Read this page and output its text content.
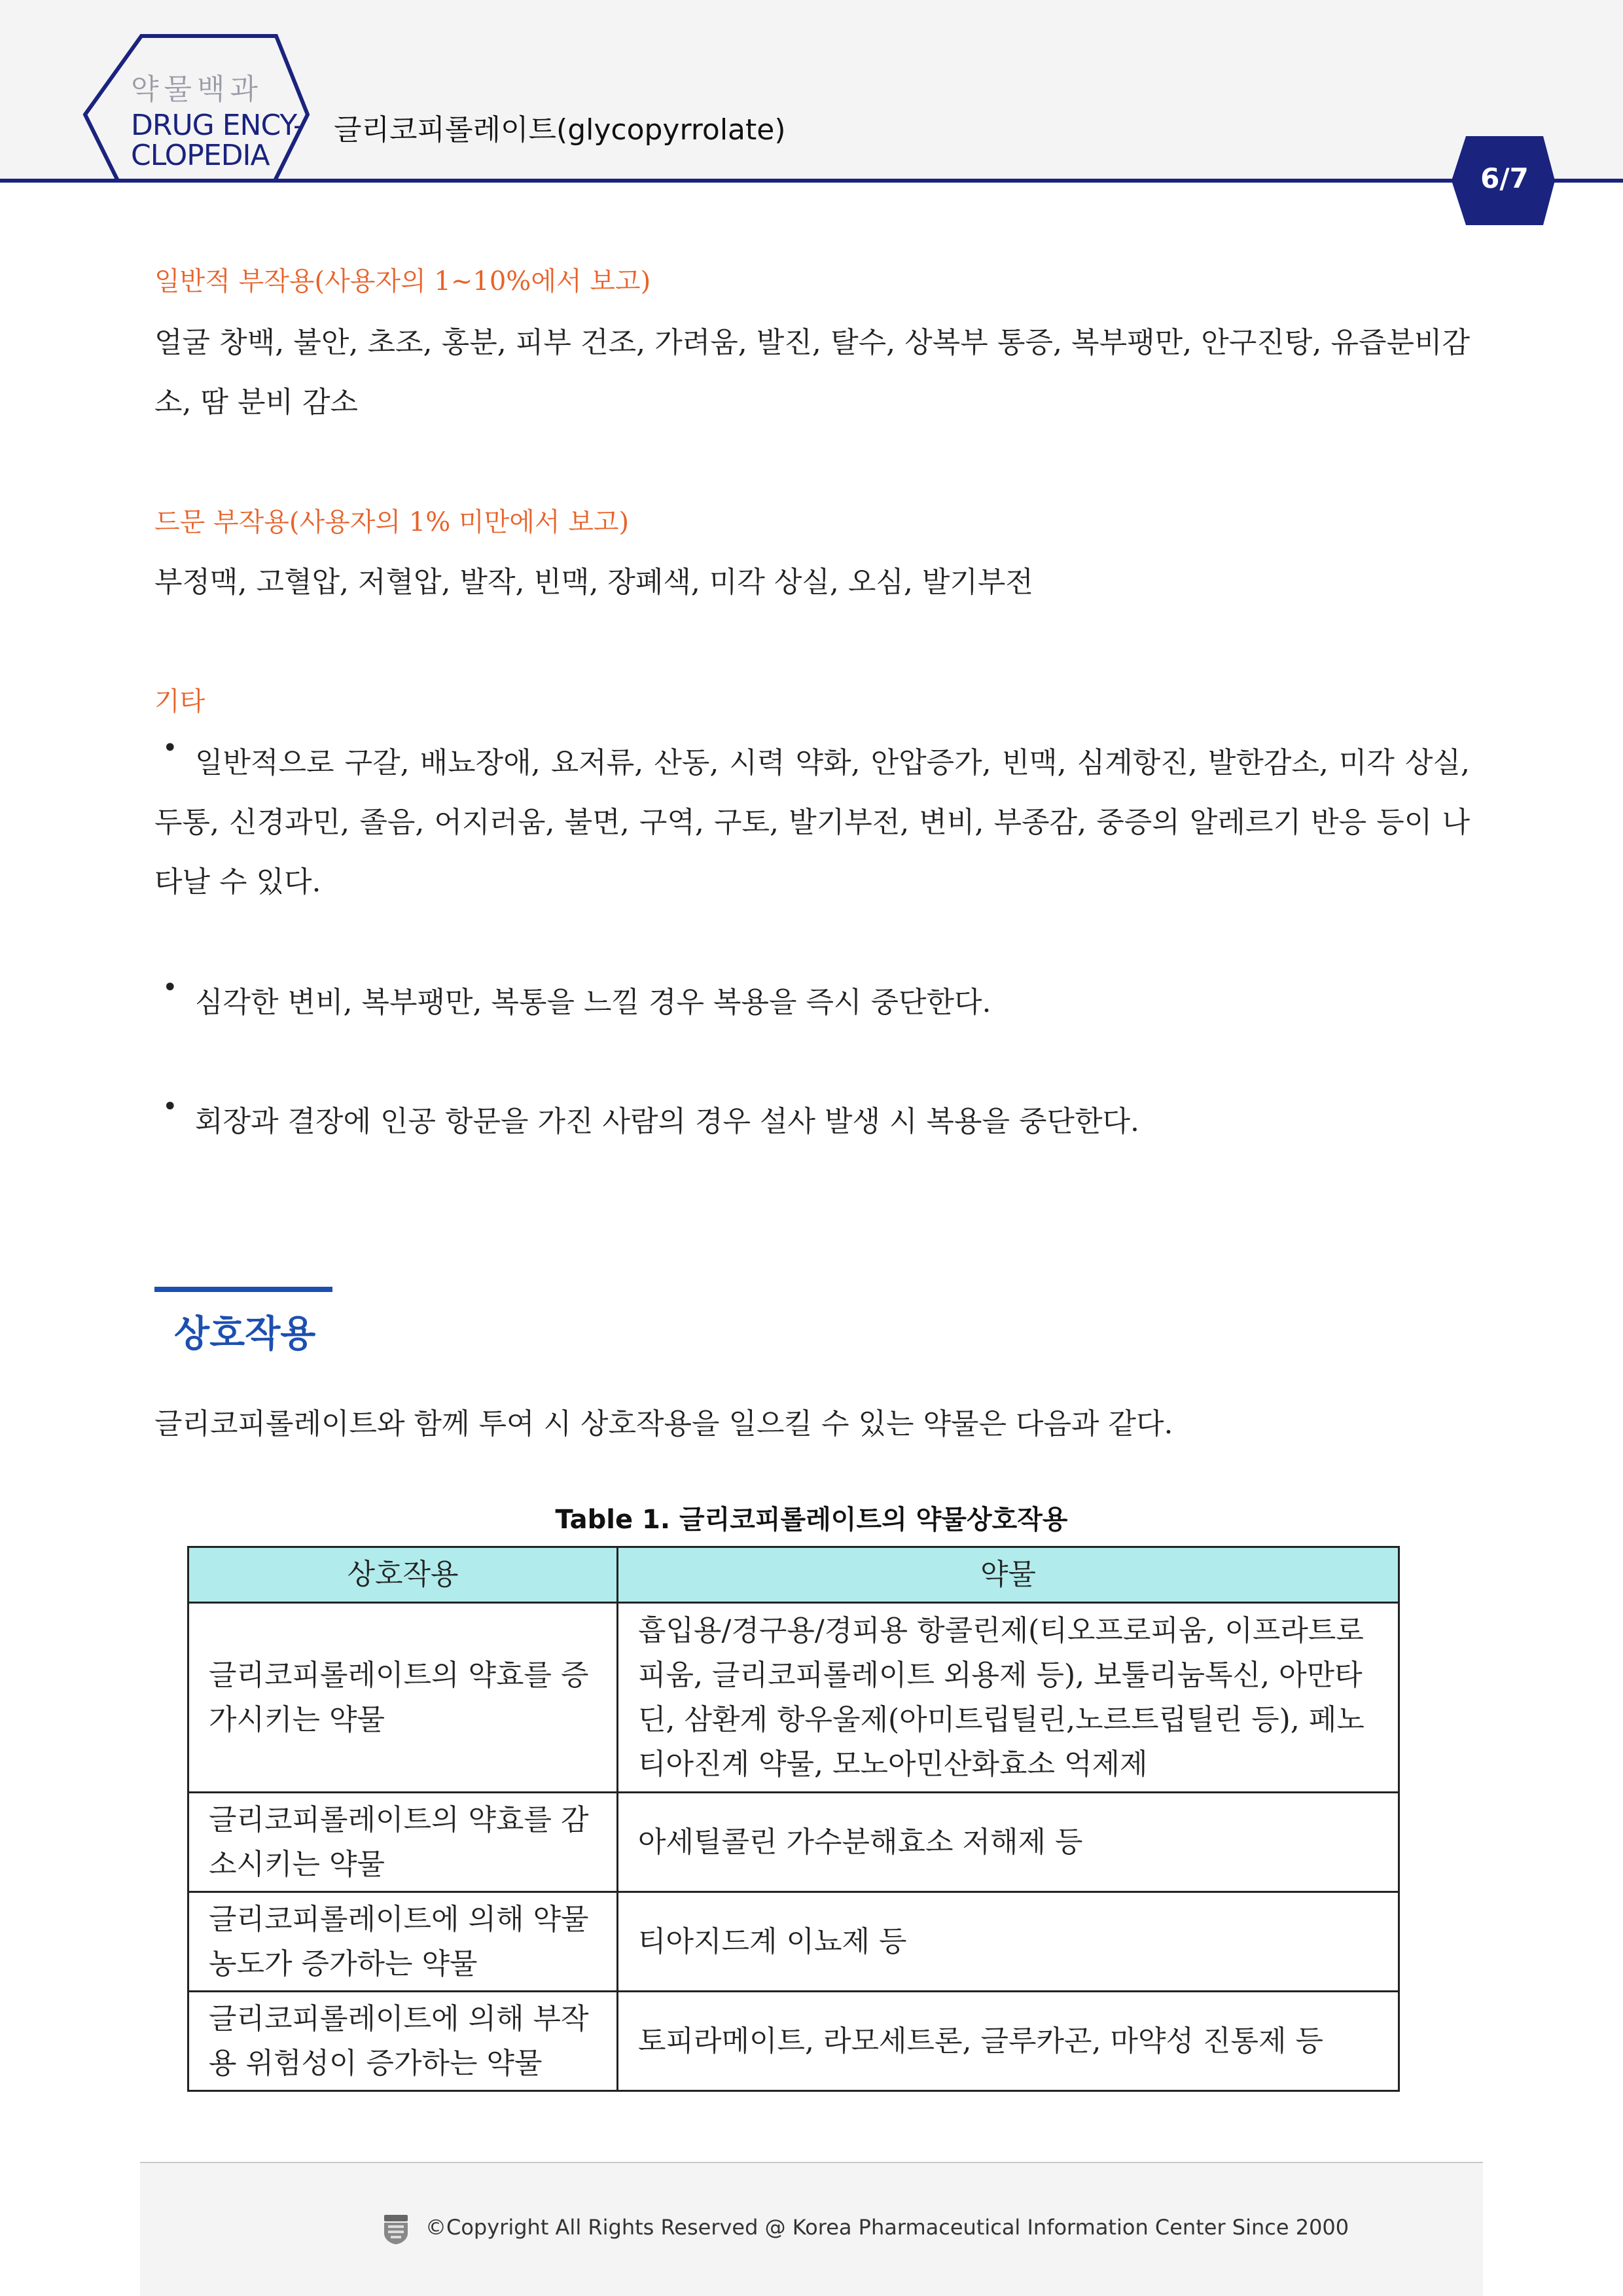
약물백과
DRUG ENCY-
CLOPEDIA
글리코피롤레이트(glycopyrrolate)
6/7
일반적 부작용(사용자의 1~10%에서 보고)
얼굴 창백, 불안, 초조, 홍분, 피부 건조, 가려움, 발진, 탈수, 상복부 통증, 복부팽만, 안구진탕, 유즙분비감소, 땀 분비 감소
드문 부작용(사용자의 1% 미만에서 보고)
부정맥, 고혈압, 저혈압, 발작, 빈맥, 장폐색, 미각 상실, 오심, 발기부전
기타
• 일반적으로 구갈, 배뇨장애, 요저류, 산동, 시력 약화, 안압증가, 빈맥, 심계항진, 발한감소, 미각 상실, 두통, 신경과민, 졸음, 어지러움, 불면, 구역, 구토, 발기부전, 변비, 부종감, 중증의 알레르기 반응 등이 나타날 수 있다.
• 심각한 변비, 복부팽만, 복통을 느낄 경우 복용을 즉시 중단한다.
• 회장과 결장에 인공 항문을 가진 사람의 경우 설사 발생 시 복용을 중단한다.
상호작용
글리코피롤레이트와 함께 투여 시 상호작용을 일으킬 수 있는 약물은 다음과 같다.
Table 1. 글리코피롤레이트의 약물상호작용
상호작용	약물
글리코피롤레이트의 약효를 증가시키는 약물	흡입용/경구용/경피용 항콜린제(티오프로피움, 이프라트로피움, 글리코피롤레이트 외용제 등), 보툴리눔톡신, 아만타딘, 삼환계 항우울제(아미트립틸린,노르트립틸린 등), 페노티아진계 약물, 모노아민산화효소 억제제
글리코피롤레이트의 약효를 감소시키는 약물	아세틸콜린 가수분해효소 저해제 등
글리코피롤레이트에 의해 약물 농도가 증가하는 약물	티아지드계 이뇨제 등
글리코피롤레이트에 의해 부작용 위험성이 증가하는 약물	토피라메이트, 라모세트론, 글루카곤, 마약성 진통제 등
©Copyright All Rights Reserved @ Korea Pharmaceutical Information Center Since 2000
